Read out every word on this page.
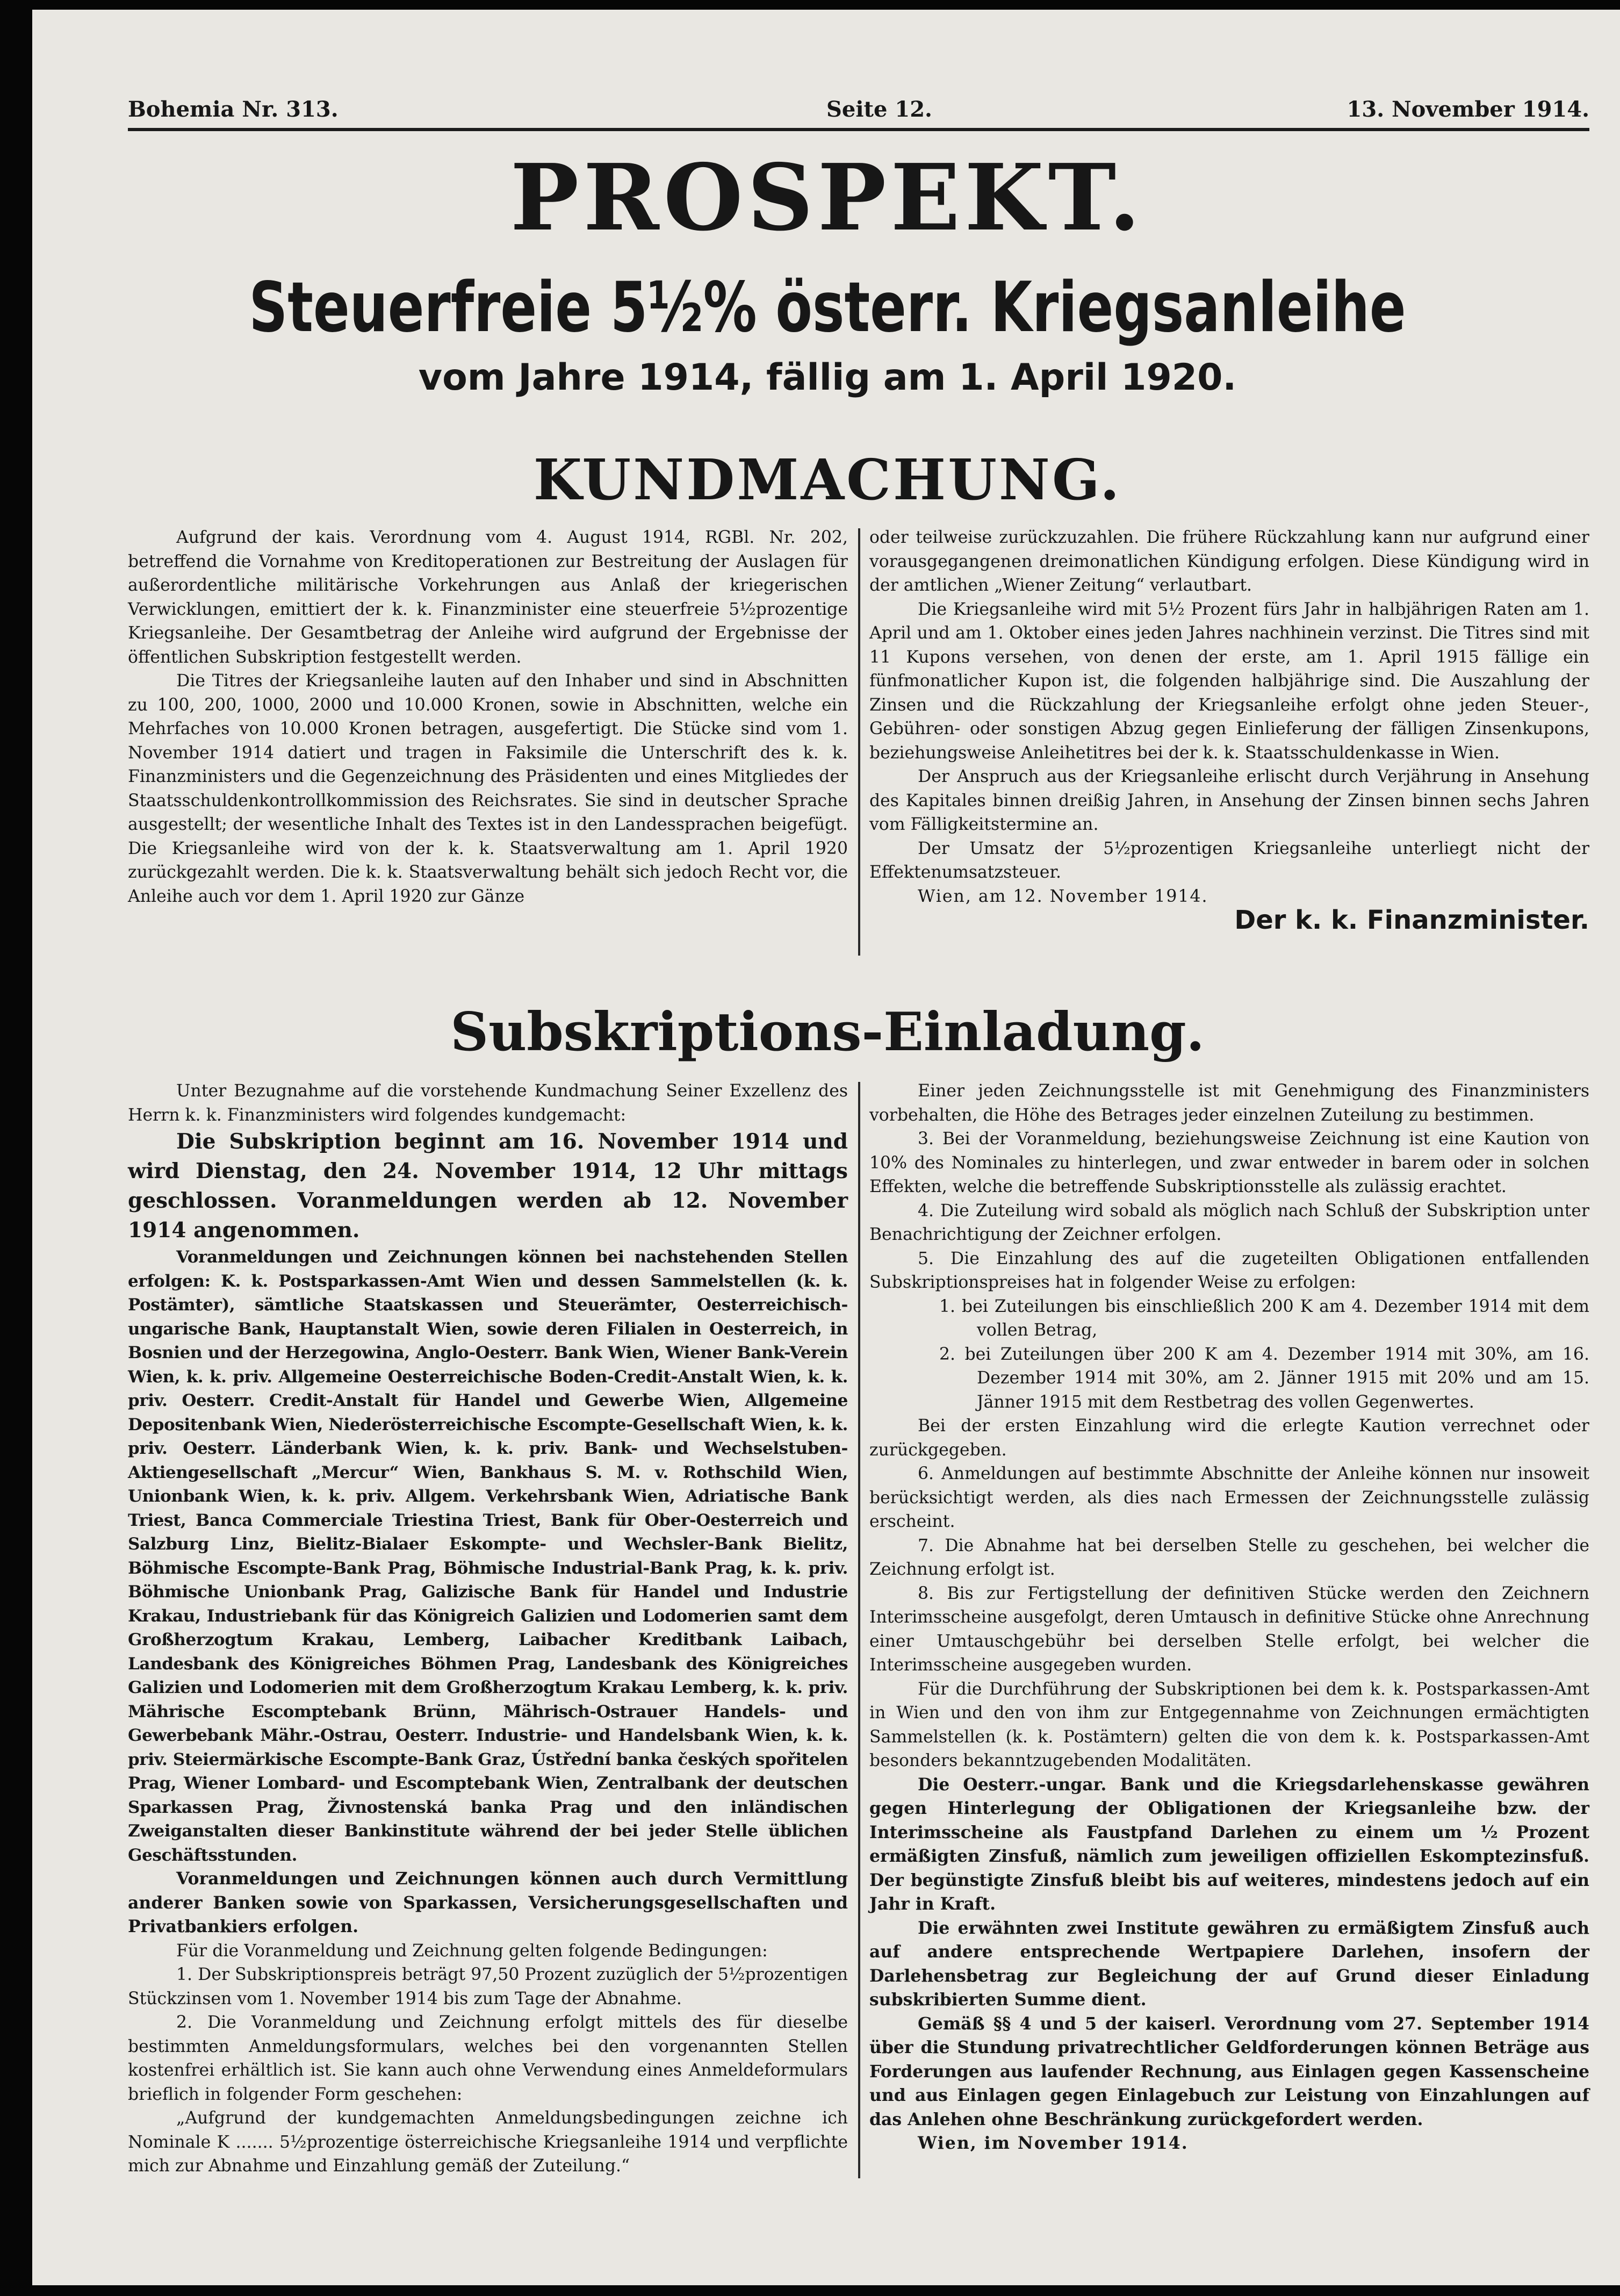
Bohemia Nr. 313.	Seite 12.	13. November 1914.
PROSPEKT.
Steuerfreie 5½% österr. Kriegsanleihe
vom Jahre 1914, fällig am 1. April 1920.
KUNDMACHUNG.

Aufgrund der kais. Verordnung vom 4. August 1914, RGBl. Nr. 202, betreffend die Vornahme von Kreditoperationen zur Bestreitung der Auslagen für außerordentliche militärische Vorkehrungen aus Anlaß der kriegerischen Verwicklungen, emittiert der k. k. Finanzminister eine steuerfreie 5½prozentige Kriegsanleihe. Der Gesamtbetrag der Anleihe wird aufgrund der Ergebnisse der öffentlichen Subskription festgestellt werden.

Die Titres der Kriegsanleihe lauten auf den Inhaber und sind in Abschnitten zu 100, 200, 1000, 2000 und 10.000 Kronen, sowie in Abschnitten, welche ein Mehrfaches von 10.000 Kronen betragen, ausgefertigt. Die Stücke sind vom 1. November 1914 datiert und tragen in Faksimile die Unterschrift des k. k. Finanzministers und die Gegenzeichnung des Präsidenten und eines Mitgliedes der Staatsschuldenkontrollkommission des Reichsrates. Sie sind in deutscher Sprache ausgestellt; der wesentliche Inhalt des Textes ist in den Landessprachen beigefügt. Die Kriegsanleihe wird von der k. k. Staatsverwaltung am 1. April 1920 zurückgezahlt werden. Die k. k. Staatsverwaltung behält sich jedoch Recht vor, die Anleihe auch vor dem 1. April 1920 zur Gänze

oder teilweise zurückzuzahlen. Die frühere Rückzahlung kann nur aufgrund einer vorausgegangenen dreimonatlichen Kündigung erfolgen. Diese Kündigung wird in der amtlichen „Wiener Zeitung“ verlautbart.

Die Kriegsanleihe wird mit 5½ Prozent fürs Jahr in halbjährigen Raten am 1. April und am 1. Oktober eines jeden Jahres nachhinein verzinst. Die Titres sind mit 11 Kupons versehen, von denen der erste, am 1. April 1915 fällige ein fünfmonatlicher Kupon ist, die folgenden halbjährige sind. Die Auszahlung der Zinsen und die Rückzahlung der Kriegsanleihe erfolgt ohne jeden Steuer-, Gebühren- oder sonstigen Abzug gegen Einlieferung der fälligen Zinsenkupons, beziehungsweise Anleihetitres bei der k. k. Staatsschuldenkasse in Wien.

Der Anspruch aus der Kriegsanleihe erlischt durch Verjährung in Ansehung des Kapitales binnen dreißig Jahren, in Ansehung der Zinsen binnen sechs Jahren vom Fälligkeitstermine an.

Der Umsatz der 5½prozentigen Kriegsanleihe unterliegt nicht der Effektenumsatzsteuer.

Wien, am 12. November 1914.

Der k. k. Finanzminister.

Subskriptions-Einladung.

Unter Bezugnahme auf die vorstehende Kundmachung Seiner Exzellenz des Herrn k. k. Finanzministers wird folgendes kundgemacht:

Die Subskription beginnt am 16. November 1914 und wird Dienstag, den 24. November 1914, 12 Uhr mittags geschlossen. Voranmeldungen werden ab 12. November 1914 angenommen.

Voranmeldungen und Zeichnungen können bei nachstehenden Stellen erfolgen: K. k. Postsparkassen-Amt Wien und dessen Sammelstellen (k. k. Postämter), sämtliche Staatskassen und Steuerämter, Oesterreichisch-ungarische Bank, Hauptanstalt Wien, sowie deren Filialen in Oesterreich, in Bosnien und der Herzegowina, Anglo-Oesterr. Bank Wien, Wiener Bank-Verein Wien, k. k. priv. Allgemeine Oesterreichische Boden-Credit-Anstalt Wien, k. k. priv. Oesterr. Credit-Anstalt für Handel und Gewerbe Wien, Allgemeine Depositenbank Wien, Niederösterreichische Escompte-Gesellschaft Wien, k. k. priv. Oesterr. Länderbank Wien, k. k. priv. Bank- und Wechselstuben-Aktiengesellschaft „Mercur“ Wien, Bankhaus S. M. v. Rothschild Wien, Unionbank Wien, k. k. priv. Allgem. Verkehrsbank Wien, Adriatische Bank Triest, Banca Commerciale Triestina Triest, Bank für Ober-Oesterreich und Salzburg Linz, Bielitz-Bialaer Eskompte- und Wechsler-Bank Bielitz, Böhmische Escompte-Bank Prag, Böhmische Industrial-Bank Prag, k. k. priv. Böhmische Unionbank Prag, Galizische Bank für Handel und Industrie Krakau, Industriebank für das Königreich Galizien und Lodomerien samt dem Großherzogtum Krakau, Lemberg, Laibacher Kreditbank Laibach, Landesbank des Königreiches Böhmen Prag, Landesbank des Königreiches Galizien und Lodomerien mit dem Großherzogtum Krakau Lemberg, k. k. priv. Mährische Escomptebank Brünn, Mährisch-Ostrauer Handels- und Gewerbebank Mähr.-Ostrau, Oesterr. Industrie- und Handelsbank Wien, k. k. priv. Steiermärkische Escompte-Bank Graz, Ústřední banka českých spořitelen Prag, Wiener Lombard- und Escomptebank Wien, Zentralbank der deutschen Sparkassen Prag, Živnostenská banka Prag und den inländischen Zweiganstalten dieser Bankinstitute während der bei jeder Stelle üblichen Geschäftsstunden.

Voranmeldungen und Zeichnungen können auch durch Vermittlung anderer Banken sowie von Sparkassen, Versicherungsgesellschaften und Privatbankiers erfolgen.

Für die Voranmeldung und Zeichnung gelten folgende Bedingungen:

1. Der Subskriptionspreis beträgt 97,50 Prozent zuzüglich der 5½prozentigen Stückzinsen vom 1. November 1914 bis zum Tage der Abnahme.

2. Die Voranmeldung und Zeichnung erfolgt mittels des für dieselbe bestimmten Anmeldungsformulars, welches bei den vorgenannten Stellen kostenfrei erhältlich ist. Sie kann auch ohne Verwendung eines Anmeldeformulars brieflich in folgender Form geschehen:

„Aufgrund der kundgemachten Anmeldungsbedingungen zeichne ich Nominale K ....... 5½prozentige österreichische Kriegsanleihe 1914 und verpflichte mich zur Abnahme und Einzahlung gemäß der Zuteilung.“

Einer jeden Zeichnungsstelle ist mit Genehmigung des Finanzministers vorbehalten, die Höhe des Betrages jeder einzelnen Zuteilung zu bestimmen.

3. Bei der Voranmeldung, beziehungsweise Zeichnung ist eine Kaution von 10% des Nominales zu hinterlegen, und zwar entweder in barem oder in solchen Effekten, welche die betreffende Subskriptionsstelle als zulässig erachtet.

4. Die Zuteilung wird sobald als möglich nach Schluß der Subskription unter Benachrichtigung der Zeichner erfolgen.

5. Die Einzahlung des auf die zugeteilten Obligationen entfallenden Subskriptionspreises hat in folgender Weise zu erfolgen:

1. bei Zuteilungen bis einschließlich 200 K am 4. Dezember 1914 mit dem vollen Betrag,

2. bei Zuteilungen über 200 K am 4. Dezember 1914 mit 30%, am 16. Dezember 1914 mit 30%, am 2. Jänner 1915 mit 20% und am 15. Jänner 1915 mit dem Restbetrag des vollen Gegenwertes.

Bei der ersten Einzahlung wird die erlegte Kaution verrechnet oder zurückgegeben.

6. Anmeldungen auf bestimmte Abschnitte der Anleihe können nur insoweit berücksichtigt werden, als dies nach Ermessen der Zeichnungsstelle zulässig erscheint.

7. Die Abnahme hat bei derselben Stelle zu geschehen, bei welcher die Zeichnung erfolgt ist.

8. Bis zur Fertigstellung der definitiven Stücke werden den Zeichnern Interimsscheine ausgefolgt, deren Umtausch in definitive Stücke ohne Anrechnung einer Umtauschgebühr bei derselben Stelle erfolgt, bei welcher die Interimsscheine ausgegeben wurden.

Für die Durchführung der Subskriptionen bei dem k. k. Postsparkassen-Amt in Wien und den von ihm zur Entgegennahme von Zeichnungen ermächtigten Sammelstellen (k. k. Postämtern) gelten die von dem k. k. Postsparkassen-Amt besonders bekanntzugebenden Modalitäten.

Die Oesterr.-ungar. Bank und die Kriegsdarlehenskasse gewähren gegen Hinterlegung der Obligationen der Kriegsanleihe bzw. der Interimsscheine als Faustpfand Darlehen zu einem um ½ Prozent ermäßigten Zinsfuß, nämlich zum jeweiligen offiziellen Eskomptezinsfuß. Der begünstigte Zinsfuß bleibt bis auf weiteres, mindestens jedoch auf ein Jahr in Kraft.

Die erwähnten zwei Institute gewähren zu ermäßigtem Zinsfuß auch auf andere entsprechende Wertpapiere Darlehen, insofern der Darlehensbetrag zur Begleichung der auf Grund dieser Einladung subskribierten Summe dient.

Gemäß §§ 4 und 5 der kaiserl. Verordnung vom 27. September 1914 über die Stundung privatrechtlicher Geldforderungen können Beträge aus Forderungen aus laufender Rechnung, aus Einlagen gegen Kassenscheine und aus Einlagen gegen Einlagebuch zur Leistung von Einzahlungen auf das Anlehen ohne Beschränkung zurückgefordert werden.

Wien, im November 1914.
